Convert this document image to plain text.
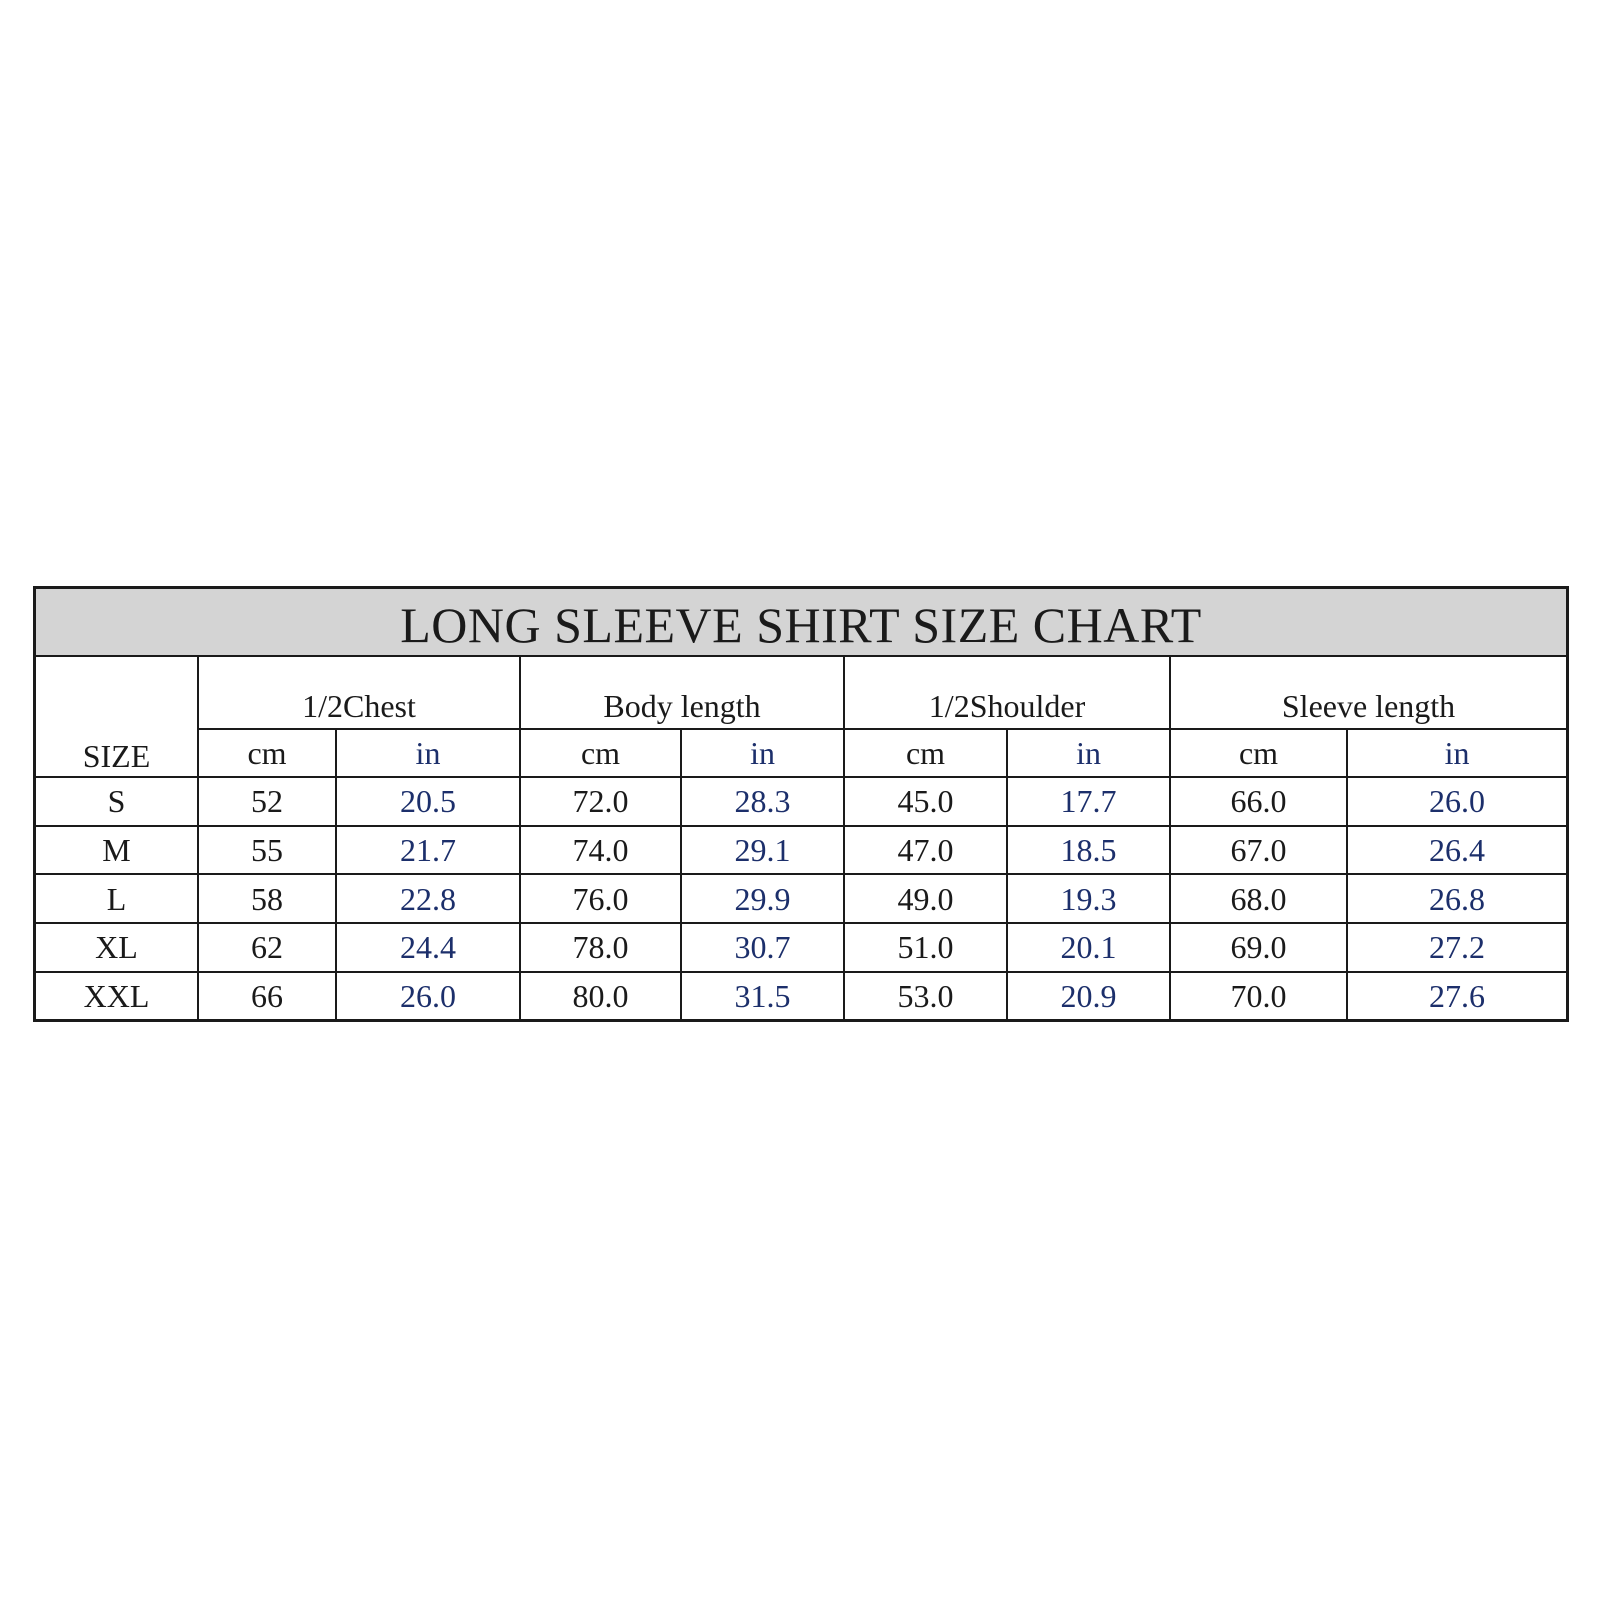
LONG SLEEVE SHIRT SIZE CHART
SIZE	1/2Chest		Body length		1/2Shoulder		Sleeve length	
	cm	in	cm	in	cm	in	cm	in
S	52	20.5	72.0	28.3	45.0	17.7	66.0	26.0
M	55	21.7	74.0	29.1	47.0	18.5	67.0	26.4
L	58	22.8	76.0	29.9	49.0	19.3	68.0	26.8
XL	62	24.4	78.0	30.7	51.0	20.1	69.0	27.2
XXL	66	26.0	80.0	31.5	53.0	20.9	70.0	27.6
